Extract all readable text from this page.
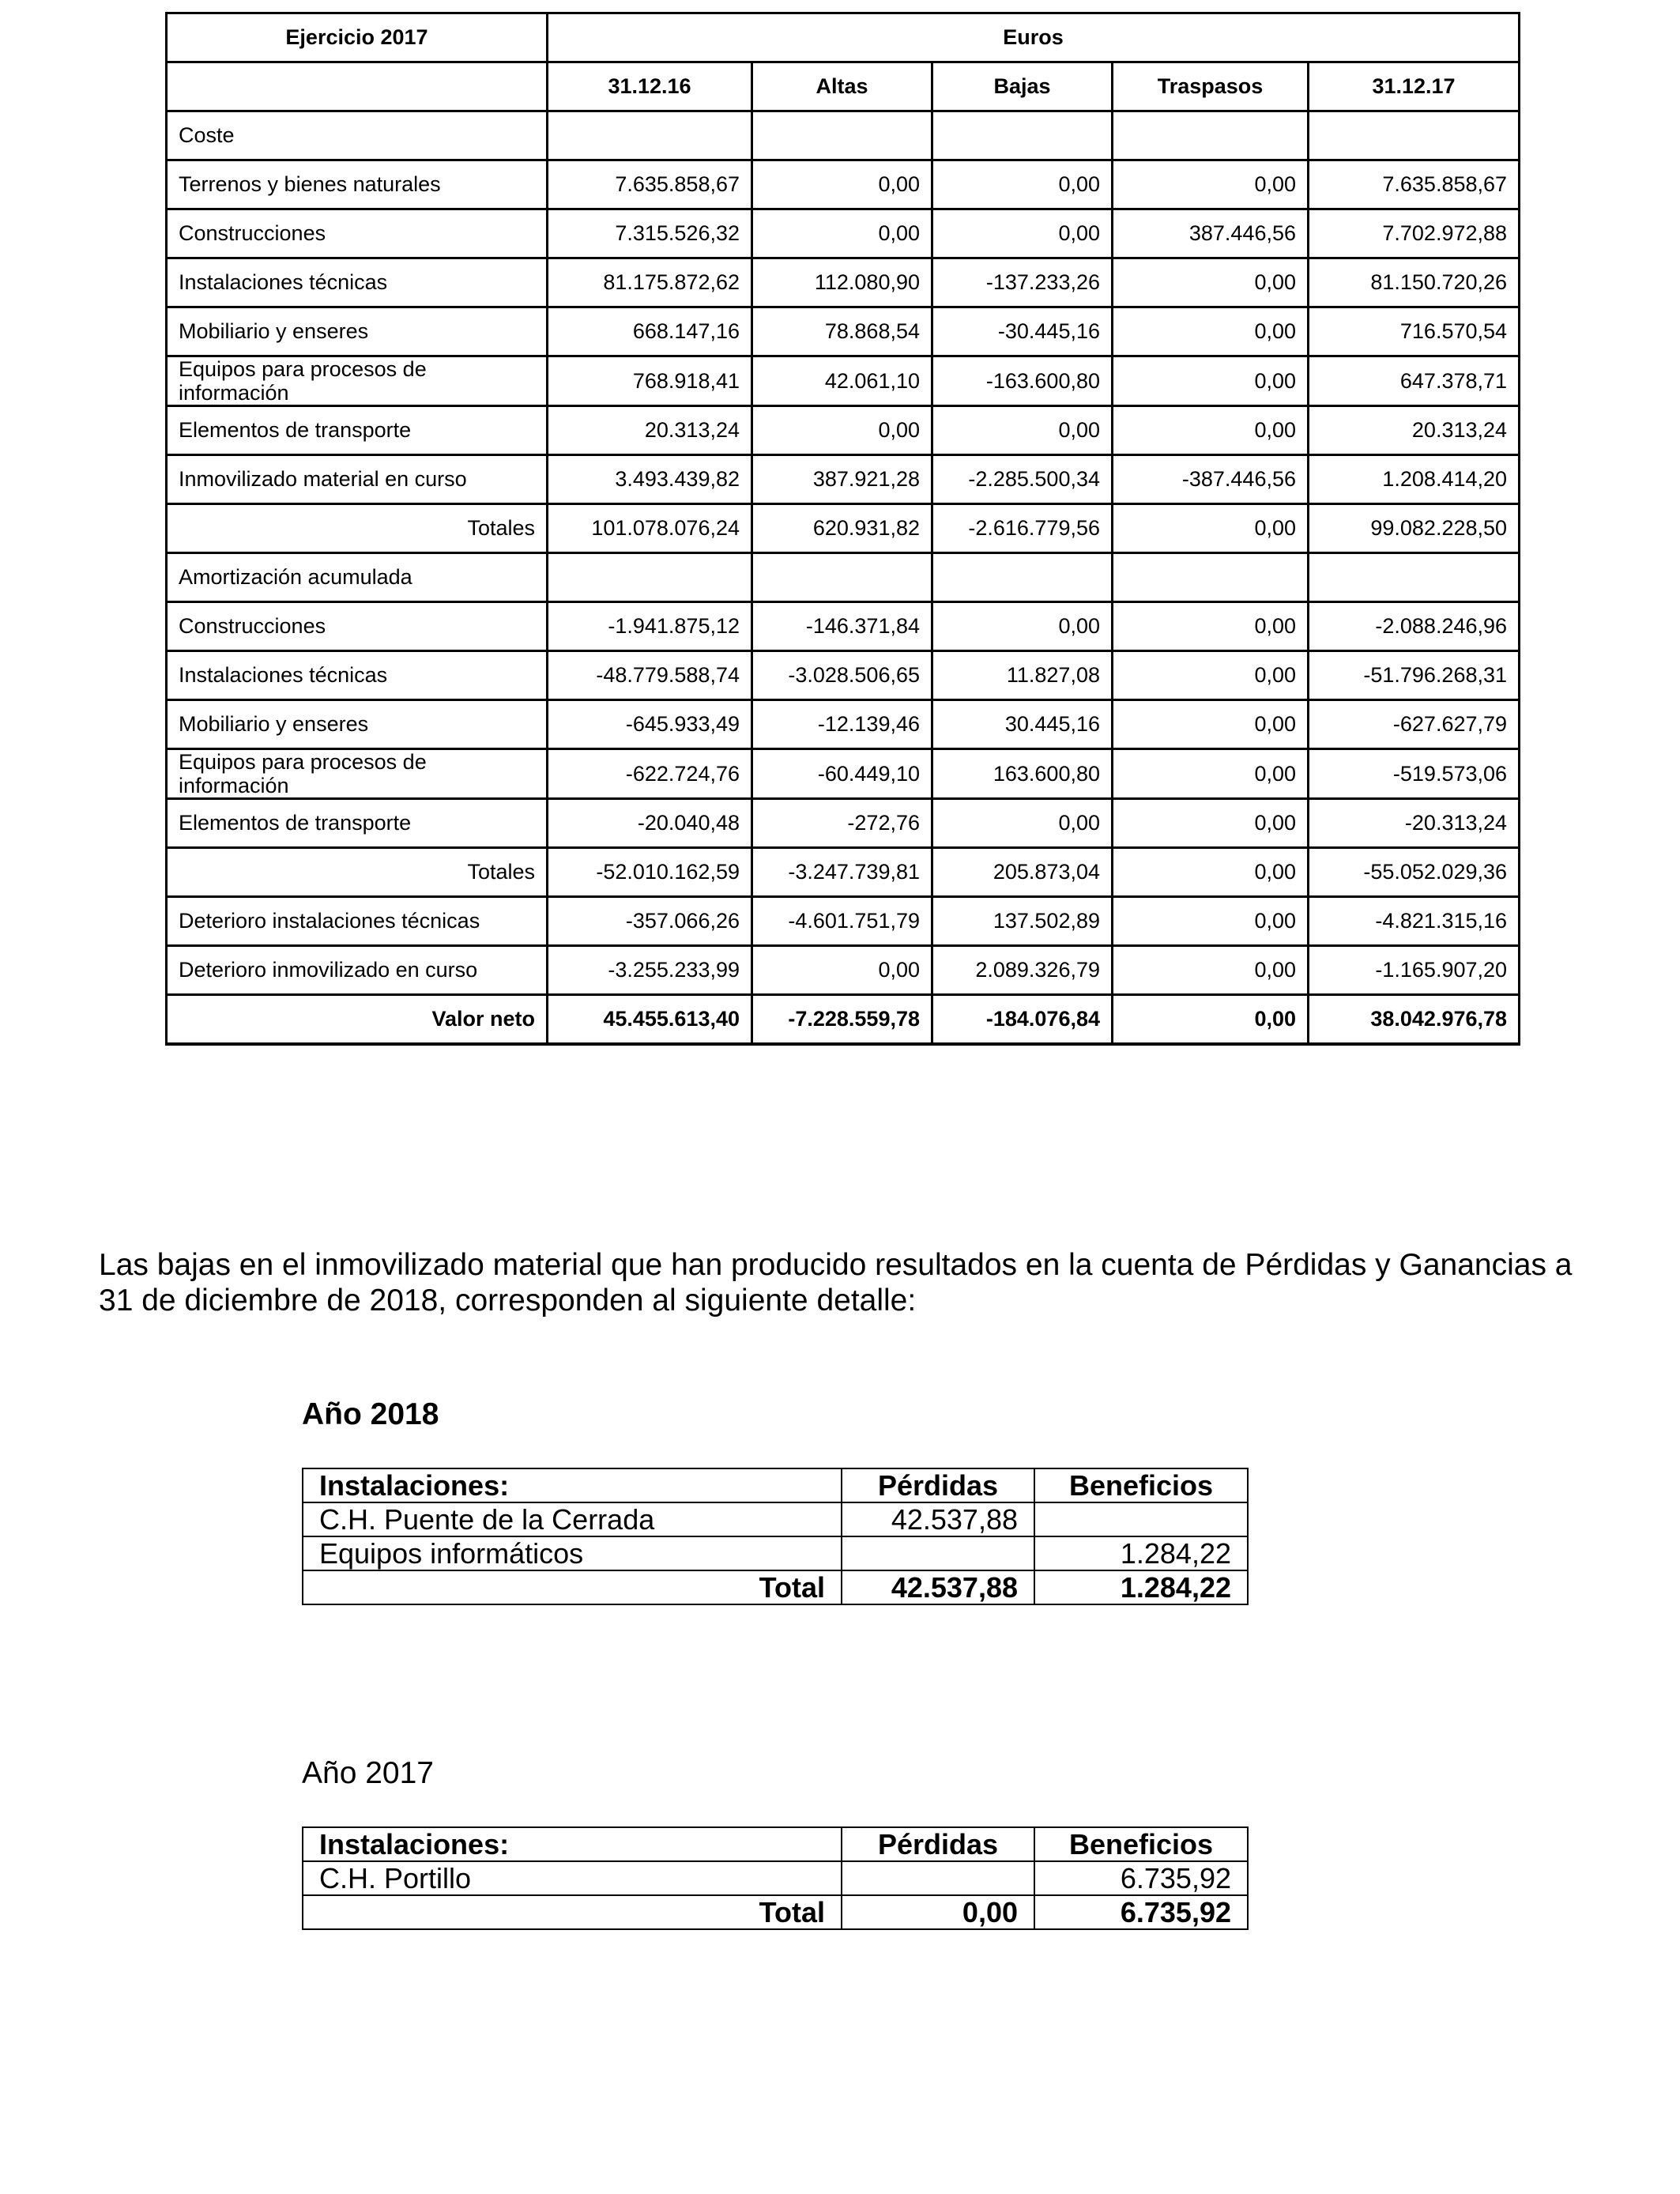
Ejercicio 2017	Euros				
	31.12.16	Altas	Bajas	Traspasos	31.12.17
Coste					
Terrenos y bienes naturales	7.635.858,67	0,00	0,00	0,00	7.635.858,67
Construcciones	7.315.526,32	0,00	0,00	387.446,56	7.702.972,88
Instalaciones técnicas	81.175.872,62	112.080,90	-137.233,26	0,00	81.150.720,26
Mobiliario y enseres	668.147,16	78.868,54	-30.445,16	0,00	716.570,54
Equipos para procesos de información	768.918,41	42.061,10	-163.600,80	0,00	647.378,71
Elementos de transporte	20.313,24	0,00	0,00	0,00	20.313,24
Inmovilizado material en curso	3.493.439,82	387.921,28	-2.285.500,34	-387.446,56	1.208.414,20
Totales	101.078.076,24	620.931,82	-2.616.779,56	0,00	99.082.228,50
Amortización acumulada					
Construcciones	-1.941.875,12	-146.371,84	0,00	0,00	-2.088.246,96
Instalaciones técnicas	-48.779.588,74	-3.028.506,65	11.827,08	0,00	-51.796.268,31
Mobiliario y enseres	-645.933,49	-12.139,46	30.445,16	0,00	-627.627,79
Equipos para procesos de información	-622.724,76	-60.449,10	163.600,80	0,00	-519.573,06
Elementos de transporte	-20.040,48	-272,76	0,00	0,00	-20.313,24
Totales	-52.010.162,59	-3.247.739,81	205.873,04	0,00	-55.052.029,36
Deterioro instalaciones técnicas	-357.066,26	-4.601.751,79	137.502,89	0,00	-4.821.315,16
Deterioro inmovilizado en curso	-3.255.233,99	0,00	2.089.326,79	0,00	-1.165.907,20
Valor neto	45.455.613,40	-7.228.559,78	-184.076,84	0,00	38.042.976,78

Las bajas en el inmovilizado material que han producido resultados en la cuenta de Pérdidas y Ganancias a 31 de diciembre de 2018, corresponden al siguiente detalle:

Año 2018
Instalaciones:	Pérdidas	Beneficios
C.H. Puente de la Cerrada	42.537,88	
Equipos informáticos		1.284,22
Total	42.537,88	1.284,22
Año 2017
Instalaciones:	Pérdidas	Beneficios
C.H. Portillo		6.735,92
Total	0,00	6.735,92
